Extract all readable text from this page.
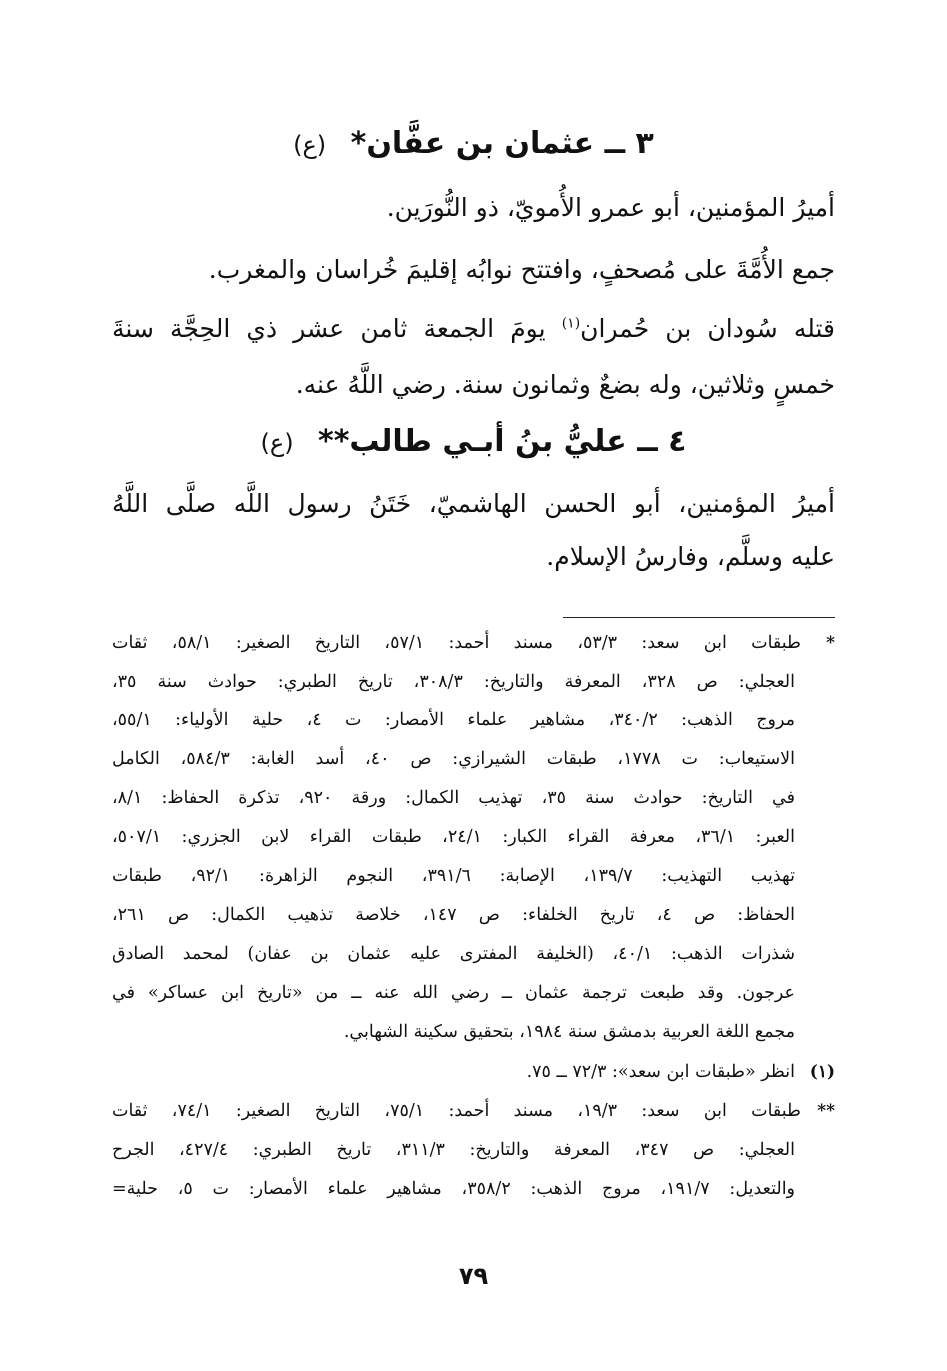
٣ ــ عثمان بن عفَّان* (ع)
أميرُ المؤمنين، أبو عمرو الأُمويّ، ذو النُّورَين.
جمع الأُمَّةَ على مُصحفٍ، وافتتح نوابُه إقليمَ خُراسان والمغرب.
قتله سُودان بن حُمران$^{(١)}$ يومَ الجمعة ثامن عشر ذي الحِجَّة سنةَ
خمسٍ وثلاثين، وله بضعٌ وثمانون سنة. رضي اللَّهُ عنه.
٤ ــ عليُّ بنُ أبـي طالب** (ع)
أميرُ المؤمنين، أبو الحسن الهاشميّ، خَتَنُ رسول اللَّه صلَّى اللَّهُ
عليه وسلَّم، وفارسُ الإسلام.
*
طبقات ابن سعد: ٥٣/٣، مسند أحمد: ٥٧/١، التاريخ الصغير: ٥٨/١، ثقات
العجلي: ص ٣٢٨، المعرفة والتاريخ: ٣٠٨/٣، تاريخ الطبري: حوادث سنة ٣٥،
مروج الذهب: ٣٤٠/٢، مشاهير علماء الأمصار: ت ٤، حلية الأولياء: ٥٥/١،
الاستيعاب: ت ١٧٧٨، طبقات الشيرازي: ص ٤٠، أسد الغابة: ٥٨٤/٣، الكامل
في التاريخ: حوادث سنة ٣٥، تهذيب الكمال: ورقة ٩٢٠، تذكرة الحفاظ: ٨/١،
العبر: ٣٦/١، معرفة القراء الكبار: ٢٤/١، طبقات القراء لابن الجزري: ٥٠٧/١،
تهذيب التهذيب: ١٣٩/٧، الإصابة: ٣٩١/٦، النجوم الزاهرة: ٩٢/١، طبقات
الحفاظ: ص ٤، تاريخ الخلفاء: ص ١٤٧، خلاصة تذهيب الكمال: ص ٢٦١،
شذرات الذهب: ٤٠/١، (الخليفة المفترى عليه عثمان بن عفان) لمحمد الصادق
عرجون. وقد طبعت ترجمة عثمان ــ رضي الله عنه ــ من «تاريخ ابن عساكر» في
مجمع اللغة العربية بدمشق سنة ١٩٨٤، بتحقيق سكينة الشهابي.
(١)
انظر «طبقات ابن سعد»: ٧٢/٣ ــ ٧٥.
**
طبقات ابن سعد: ١٩/٣، مسند أحمد: ٧٥/١، التاريخ الصغير: ٧٤/١، ثقات
العجلي: ص ٣٤٧، المعرفة والتاريخ: ٣١١/٣، تاريخ الطبري: ٤٢٧/٤، الجرح
والتعديل: ١٩١/٧، مروج الذهب: ٣٥٨/٢، مشاهير علماء الأمصار: ت ٥، حلية=
٧٩
